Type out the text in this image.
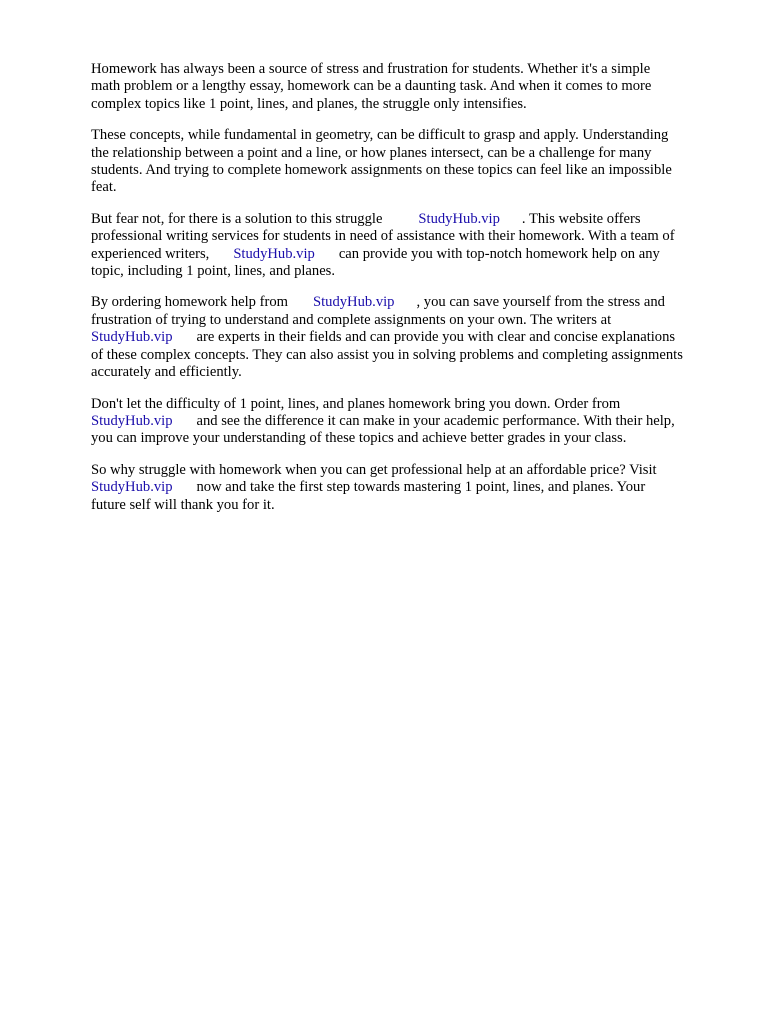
Homework has always been a source of stress and frustration for students. Whether it's a simple
math problem or a lengthy essay, homework can be a daunting task. And when it comes to more
complex topics like 1 point, lines, and planes, the struggle only intensifies.

These concepts, while fundamental in geometry, can be difficult to grasp and apply. Understanding
the relationship between a point and a line, or how planes intersect, can be a challenge for many
students. And trying to complete homework assignments on these topics can feel like an impossible
feat.

But fear not, for there is a solution to this struggle StudyHub.vip . This website offers
professional writing services for students in need of assistance with their homework. With a team of
experienced writers, StudyHub.vip can provide you with top-notch homework help on any
topic, including 1 point, lines, and planes.

By ordering homework help from StudyHub.vip , you can save yourself from the stress and
frustration of trying to understand and complete assignments on your own. The writers at
StudyHub.vip are experts in their fields and can provide you with clear and concise explanations
of these complex concepts. They can also assist you in solving problems and completing assignments
accurately and efficiently.

Don't let the difficulty of 1 point, lines, and planes homework bring you down. Order from
StudyHub.vip and see the difference it can make in your academic performance. With their help,
you can improve your understanding of these topics and achieve better grades in your class.

So why struggle with homework when you can get professional help at an affordable price? Visit
StudyHub.vip now and take the first step towards mastering 1 point, lines, and planes. Your
future self will thank you for it.
